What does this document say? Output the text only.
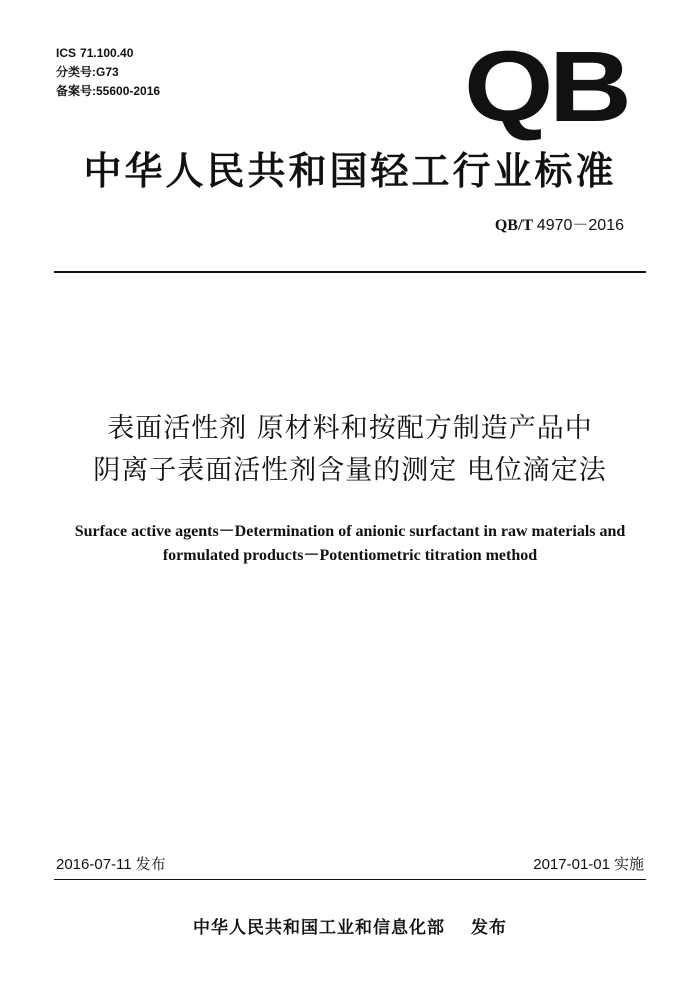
ICS 71.100.40
分类号:G73
备案号:55600-2016	QB
中华人民共和国轻工行业标准
QB/T 4970－2016
表面活性剂 原材料和按配方制造产品中
阴离子表面活性剂含量的测定 电位滴定法
Surface active agents－Determination of anionic surfactant in raw materials and
formulated products－Potentiometric titration method
2016-07-11 发布	2017-01-01 实施
中华人民共和国工业和信息化部 发布
